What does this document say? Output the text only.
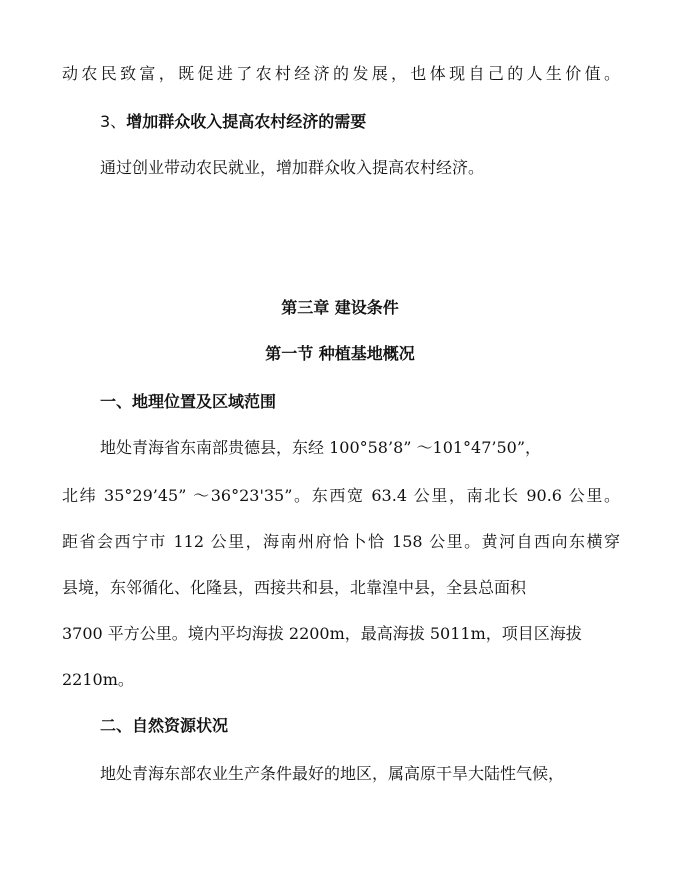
动农民致富，既促进了农村经济的发展，也体现自己的人生价值。
3、增加群众收入提高农村经济的需要
通过创业带动农民就业，增加群众收入提高农村经济。
第三章 建设条件
第一节 种植基地概况
一、地理位置及区域范围
地处青海省东南部贵德县，东经 100°58’8” ～101°47’50”，
北纬 35°29’45” ～36°23'35”。东西宽 63.4 公里，南北长 90.6 公里。
距省会西宁市 112 公里，海南州府恰卜恰 158 公里。黄河自西向东横穿
县境，东邻循化、化隆县，西接共和县，北靠湟中县，全县总面积
3700 平方公里。境内平均海拔 2200m，最高海拔 5011m，项目区海拔
2210m。
二、自然资源状况
地处青海东部农业生产条件最好的地区，属高原干旱大陆性气候，
